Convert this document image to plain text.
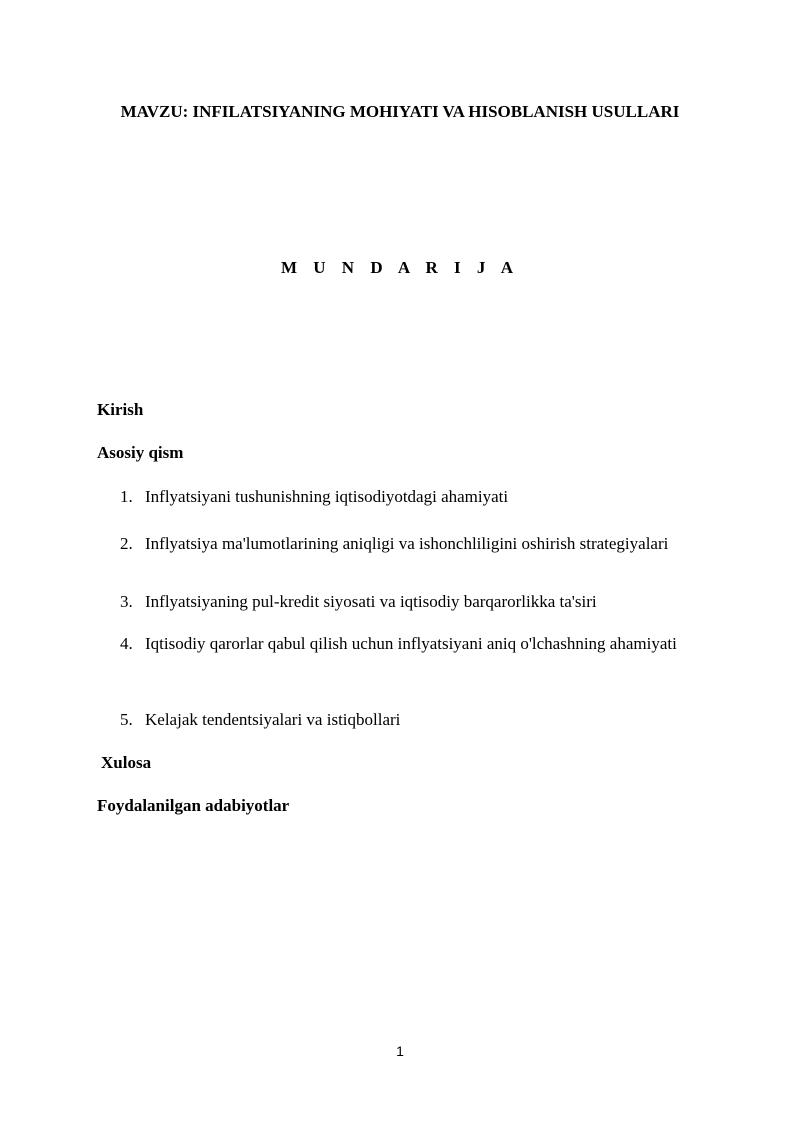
MAVZU: INFILATSIYANING MOHIYATI VA HISOBLANISH USULLARI
M U N D A R I J A

Kirish

Asosiy qism

1. Inflyatsiyani tushunishning iqtisodiyotdagi ahamiyati
2. Inflyatsiya ma'lumotlarining aniqligi va ishonchliligini oshirish strategiyalari
3. Inflyatsiyaning pul-kredit siyosati va iqtisodiy barqarorlikka ta'siri
4. Iqtisodiy qarorlar qabul qilish uchun inflyatsiyani aniq o'lchashning ahamiyati
5. Kelajak tendentsiyalari va istiqbollari

Xulosa

Foydalanilgan adabiyotlar

1
